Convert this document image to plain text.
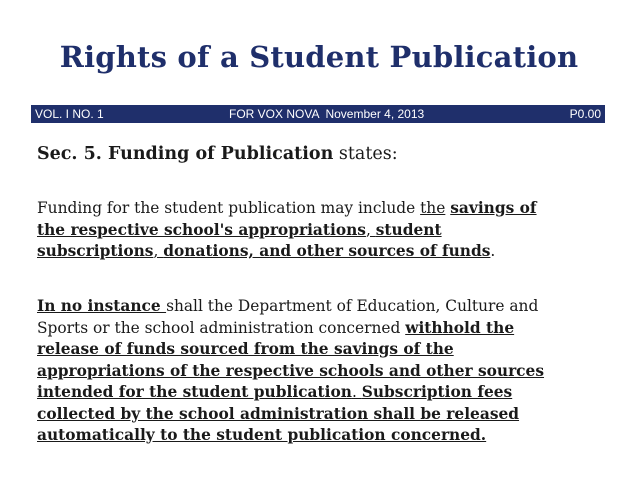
Rights of a Student Publication
VOL. I NO. 1	FOR VOX NOVA  November 4, 2013	P0.00
Sec. 5. Funding of Publication states:
Funding for the student publication may include the savings of
the respective school's appropriations, student
subscriptions, donations, and other sources of funds.
In no instance shall the Department of Education, Culture and
Sports or the school administration concerned withhold the
release of funds sourced from the savings of the
appropriations of the respective schools and other sources
intended for the student publication. Subscription fees
collected by the school administration shall be released
automatically to the student publication concerned.
